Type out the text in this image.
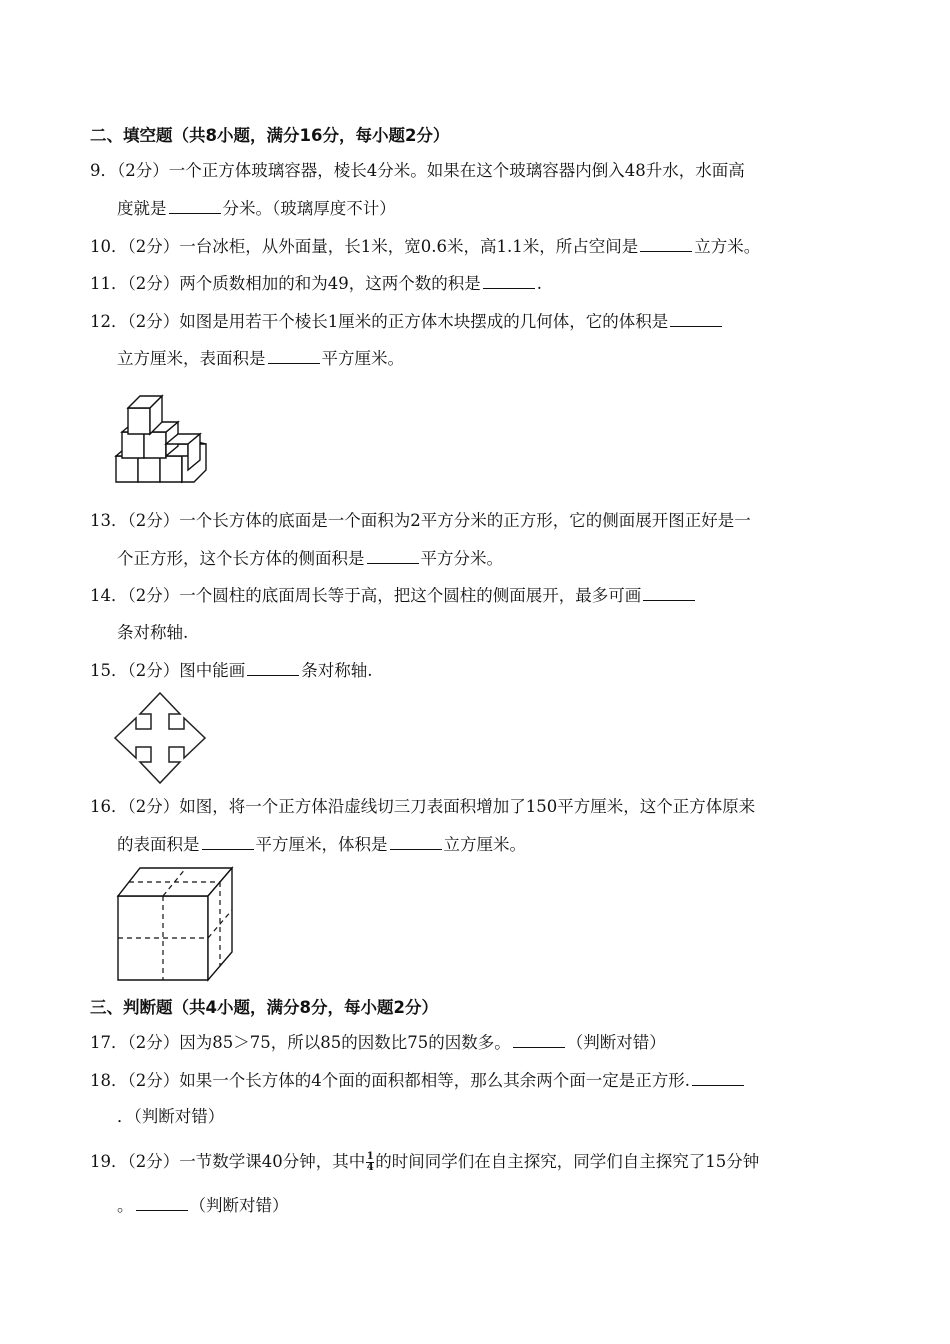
二、填空题（共8小题，满分16分，每小题2分）
9．（2分）一个正方体玻璃容器，棱长4分米。如果在这个玻璃容器内倒入48升水，水面高
度就是	分米。（玻璃厚度不计）
10．（2分）一台冰柜，从外面量，长1米，宽0.6米，高1.1米，所占空间是	立方米。
11．（2分）两个质数相加的和为49，这两个数的积是	.
12．（2分）如图是用若干个棱长1厘米的正方体木块摆成的几何体，它的体积是
立方厘米，表面积是	平方厘米。
13．（2分）一个长方体的底面是一个面积为2平方分米的正方形，它的侧面展开图正好是一
个正方形，这个长方体的侧面积是	平方分米。
14．（2分）一个圆柱的底面周长等于高，把这个圆柱的侧面展开，最多可画
条对称轴.
15．（2分）图中能画	条对称轴.
16．（2分）如图，将一个正方体沿虚线切三刀表面积增加了150平方厘米，这个正方体原来
的表面积是	平方厘米，体积是	立方厘米。
三、判断题（共4小题，满分8分，每小题2分）
17．（2分）因为85＞75，所以85的因数比75的因数多。	（判断对错）
18．（2分）如果一个长方体的4个面的面积都相等，那么其余两个面一定是正方形.
．（判断对错）
19．（2分）一节数学课40分钟，其中 $\frac{1}{4}$ 的时间同学们在自主探究，同学们自主探究了15分钟
。	（判断对错）
